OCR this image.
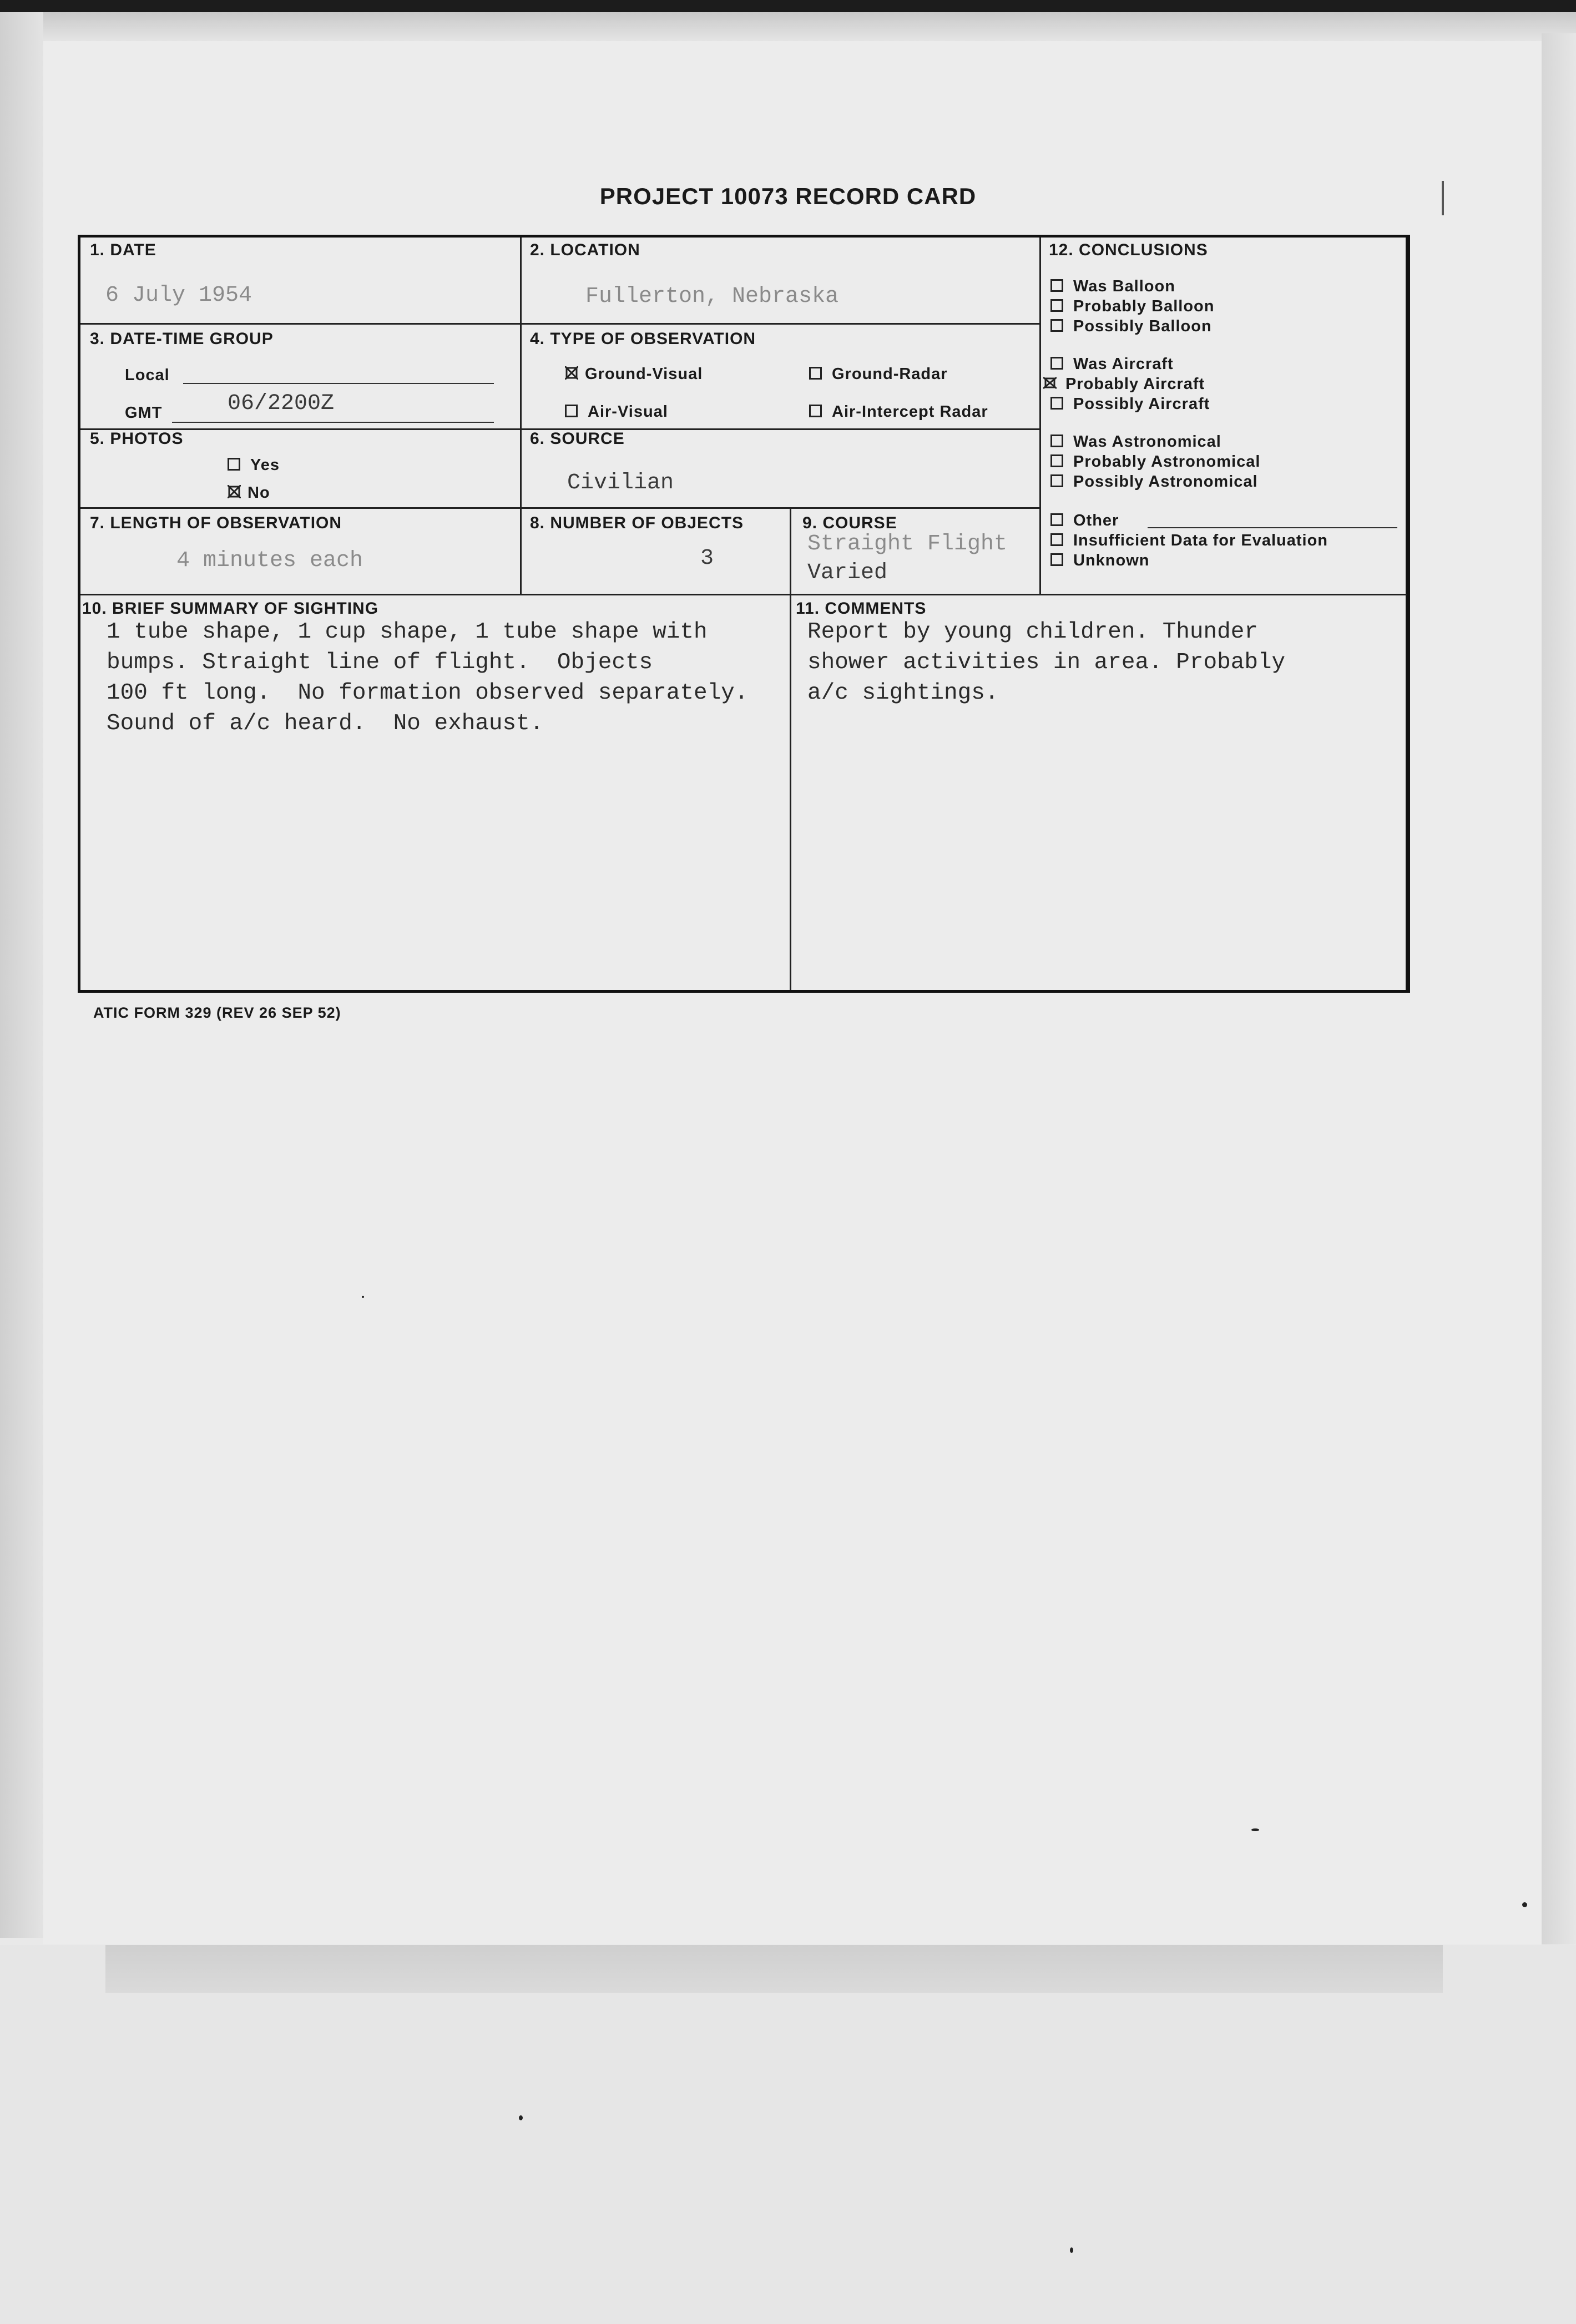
PROJECT 10073 RECORD CARD
1. DATE
6 July 1954
2. LOCATION
Fullerton, Nebraska
3. DATE-TIME GROUP
Local
GMT	06/2200Z
4. TYPE OF OBSERVATION
Ground-Visual	Ground-Radar
Air-Visual	Air-Intercept Radar
5. PHOTOS
Yes
No
6. SOURCE
Civilian
7. LENGTH OF OBSERVATION
4 minutes each
8. NUMBER OF OBJECTS
3
9. COURSE
Straight Flight
Varied
12. CONCLUSIONS
Was Balloon
Probably Balloon
Possibly Balloon
Was Aircraft
Probably Aircraft
Possibly Aircraft
Was Astronomical
Probably Astronomical
Possibly Astronomical
Other
Insufficient Data for Evaluation
Unknown
10. BRIEF SUMMARY OF SIGHTING
1 tube shape, 1 cup shape, 1 tube shape with
bumps. Straight line of flight.  Objects
100 ft long.  No formation observed separately.
Sound of a/c heard.  No exhaust.
11. COMMENTS
Report by young children. Thunder
shower activities in area. Probably
a/c sightings.
ATIC FORM 329 (REV 26 SEP 52)
